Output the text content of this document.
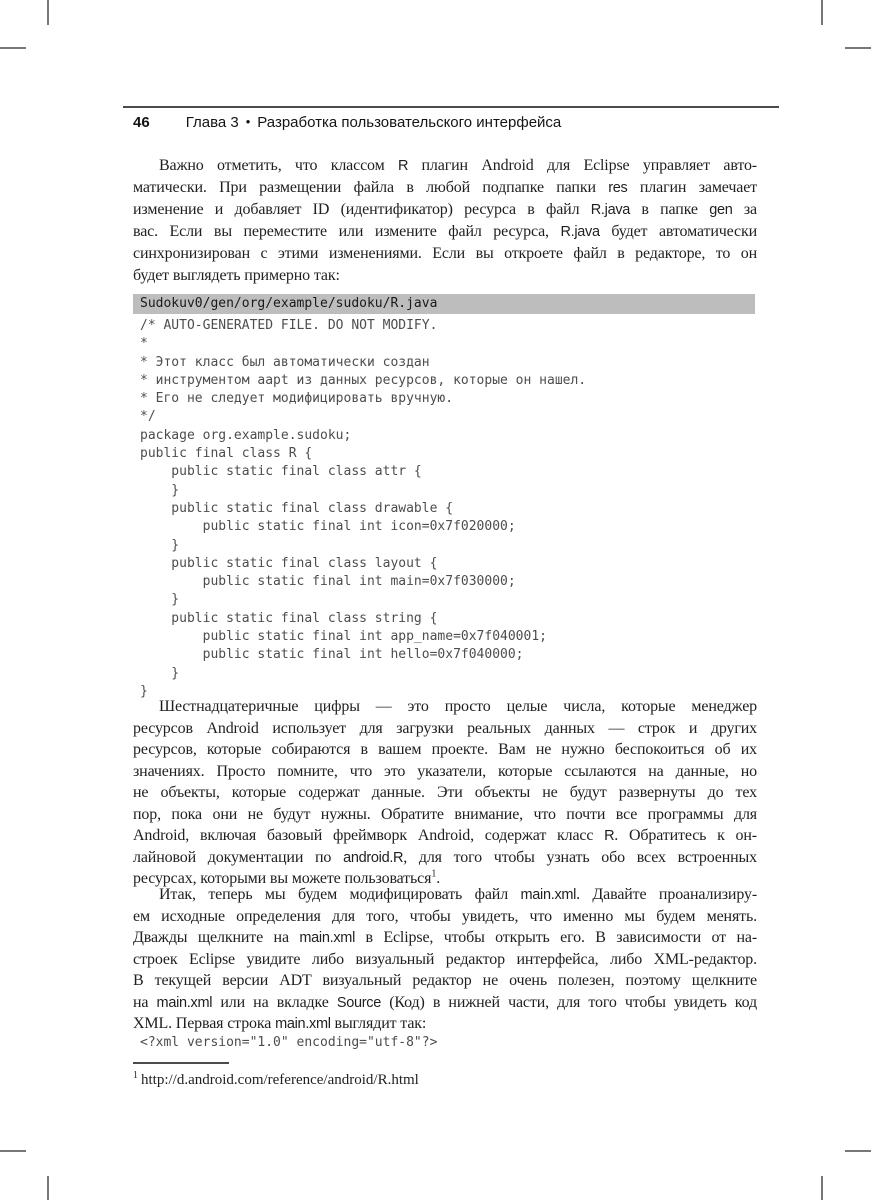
46 Глава 3 • Разработка пользовательского интерфейса
Важно отметить, что классом R плагин Android для Eclipse управляет авто-
матически. При размещении файла в любой подпапке папки res плагин замечает
изменение и добавляет ID (идентификатор) ресурса в файл R.java в папке gen за
вас. Если вы переместите или измените файл ресурса, R.java будет автоматически
синхронизирован с этими изменениями. Если вы откроете файл в редакторе, то он
будет выглядеть примерно так:
Sudokuv0/gen/org/example/sudoku/R.java
/* AUTO-GENERATED FILE. DO NOT MODIFY.
*
* Этот класс был автоматически создан
* инструментом aapt из данных ресурсов, которые он нашел.
* Его не следует модифицировать вручную.
*/
package org.example.sudoku;
public final class R {
public static final class attr {
}
public static final class drawable {
public static final int icon=0x7f020000;
}
public static final class layout {
public static final int main=0x7f030000;
}
public static final class string {
public static final int app_name=0x7f040001;
public static final int hello=0x7f040000;
}
}
Шестнадцатеричные цифры — это просто целые числа, которые менеджер
ресурсов Android использует для загрузки реальных данных — строк и других
ресурсов, которые собираются в вашем проекте. Вам не нужно беспокоиться об их
значениях. Просто помните, что это указатели, которые ссылаются на данные, но
не объекты, которые содержат данные. Эти объекты не будут развернуты до тех
пор, пока они не будут нужны. Обратите внимание, что почти все программы для
Android, включая базовый фреймворк Android, содержат класс R. Обратитесь к он-
лайновой документации по android.R, для того чтобы узнать обо всех встроенных
ресурсах, которыми вы можете пользоваться$^1$.
Итак, теперь мы будем модифицировать файл main.xml. Давайте проанализиру-
ем исходные определения для того, чтобы увидеть, что именно мы будем менять.
Дважды щелкните на main.xml в Eclipse, чтобы открыть его. В зависимости от на-
строек Eclipse увидите либо визуальный редактор интерфейса, либо XML-редактор.
В текущей версии ADT визуальный редактор не очень полезен, поэтому щелкните
на main.xml или на вкладке Source (Код) в нижней части, для того чтобы увидеть код
XML. Первая строка main.xml выглядит так:
<?xml version="1.0" encoding="utf-8"?>
$^1$ http://d.android.com/reference/android/R.html
